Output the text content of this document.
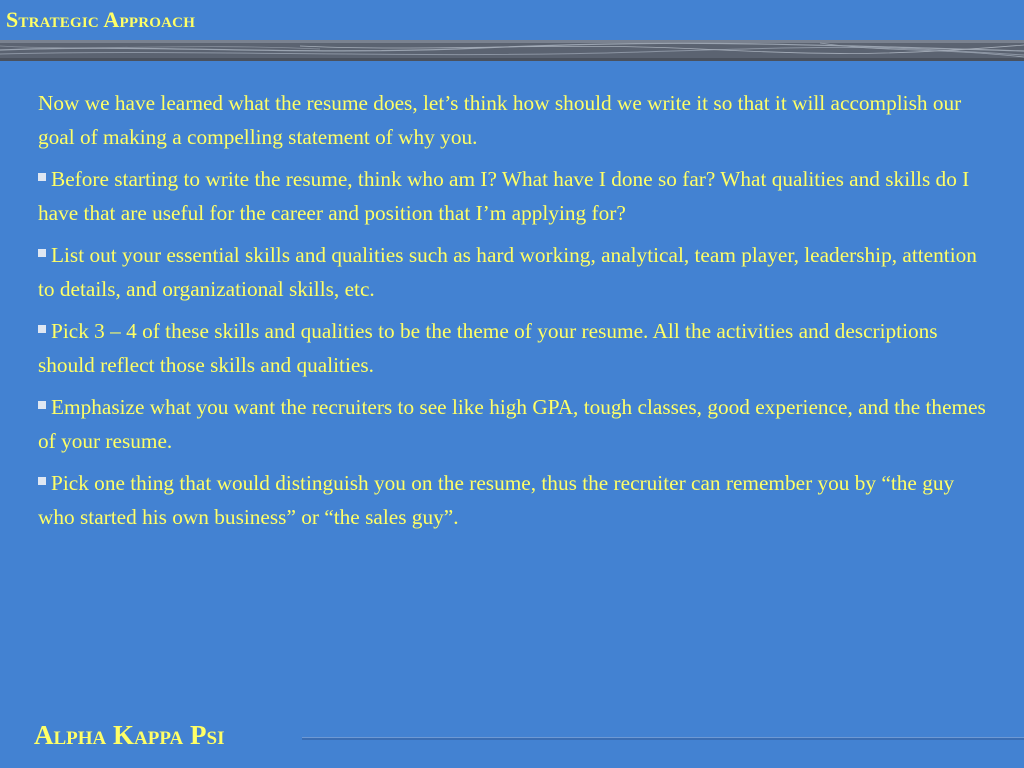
Strategic Approach

Now we have learned what the resume does, let’s think how should we write it so that it will accomplish our goal of making a compelling statement of why you.

Before starting to write the resume, think who am I? What have I done so far? What qualities and skills do I have that are useful for the career and position that I’m applying for?

List out your essential skills and qualities such as hard working, analytical, team player, leadership, attention to details, and organizational skills, etc.

Pick 3 – 4 of these skills and qualities to be the theme of your resume. All the activities and descriptions should reflect those skills and qualities.

Emphasize what you want the recruiters to see like high GPA, tough classes, good experience, and the themes of your resume.

Pick one thing that would distinguish you on the resume, thus the recruiter can remember you by “the guy who started his own business” or “the sales guy”.

Alpha Kappa Psi
